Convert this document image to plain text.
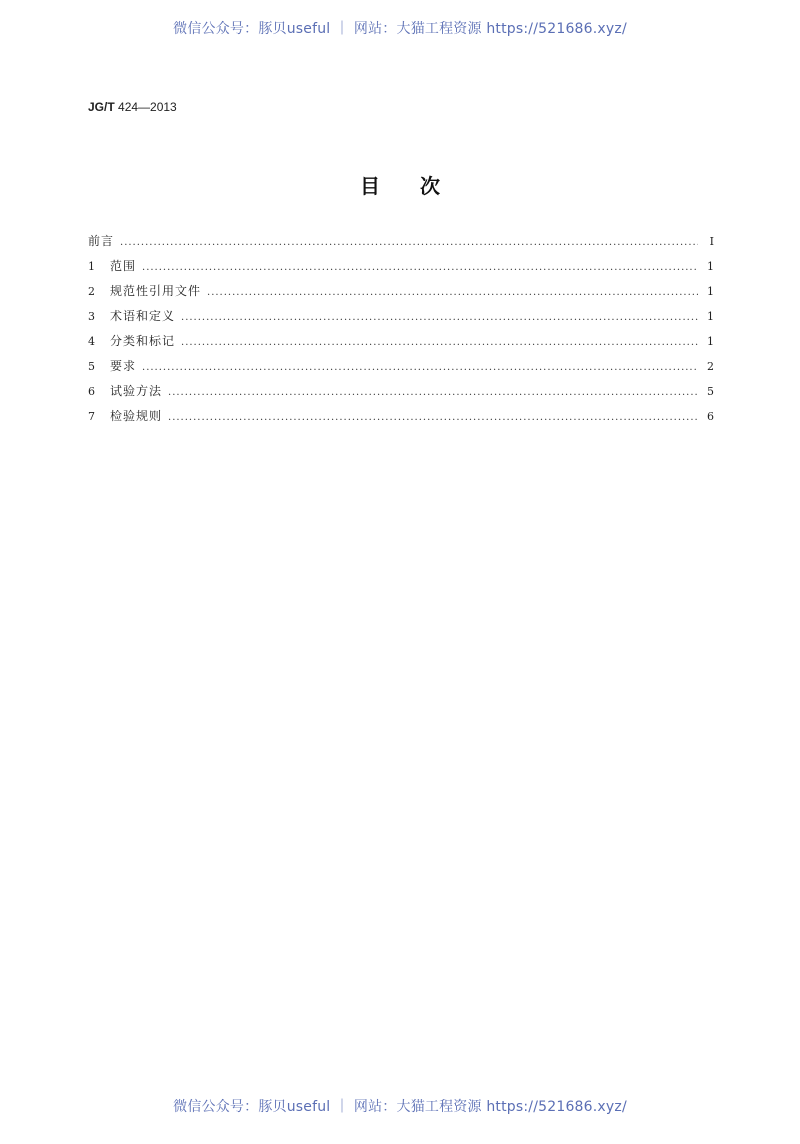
微信公众号：豚贝useful ｜ 网站：大猫工程资源 https://521686.xyz/
JG/T 424—2013
目次
前言 .....	Ⅰ
1	范围 .....	1
2	规范性引用文件 .....	1
3	术语和定义 .....	1
4	分类和标记 .....	1
5	要求 .....	2
6	试验方法 .....	5
7	检验规则 .....	6
微信公众号：豚贝useful ｜ 网站：大猫工程资源 https://521686.xyz/
